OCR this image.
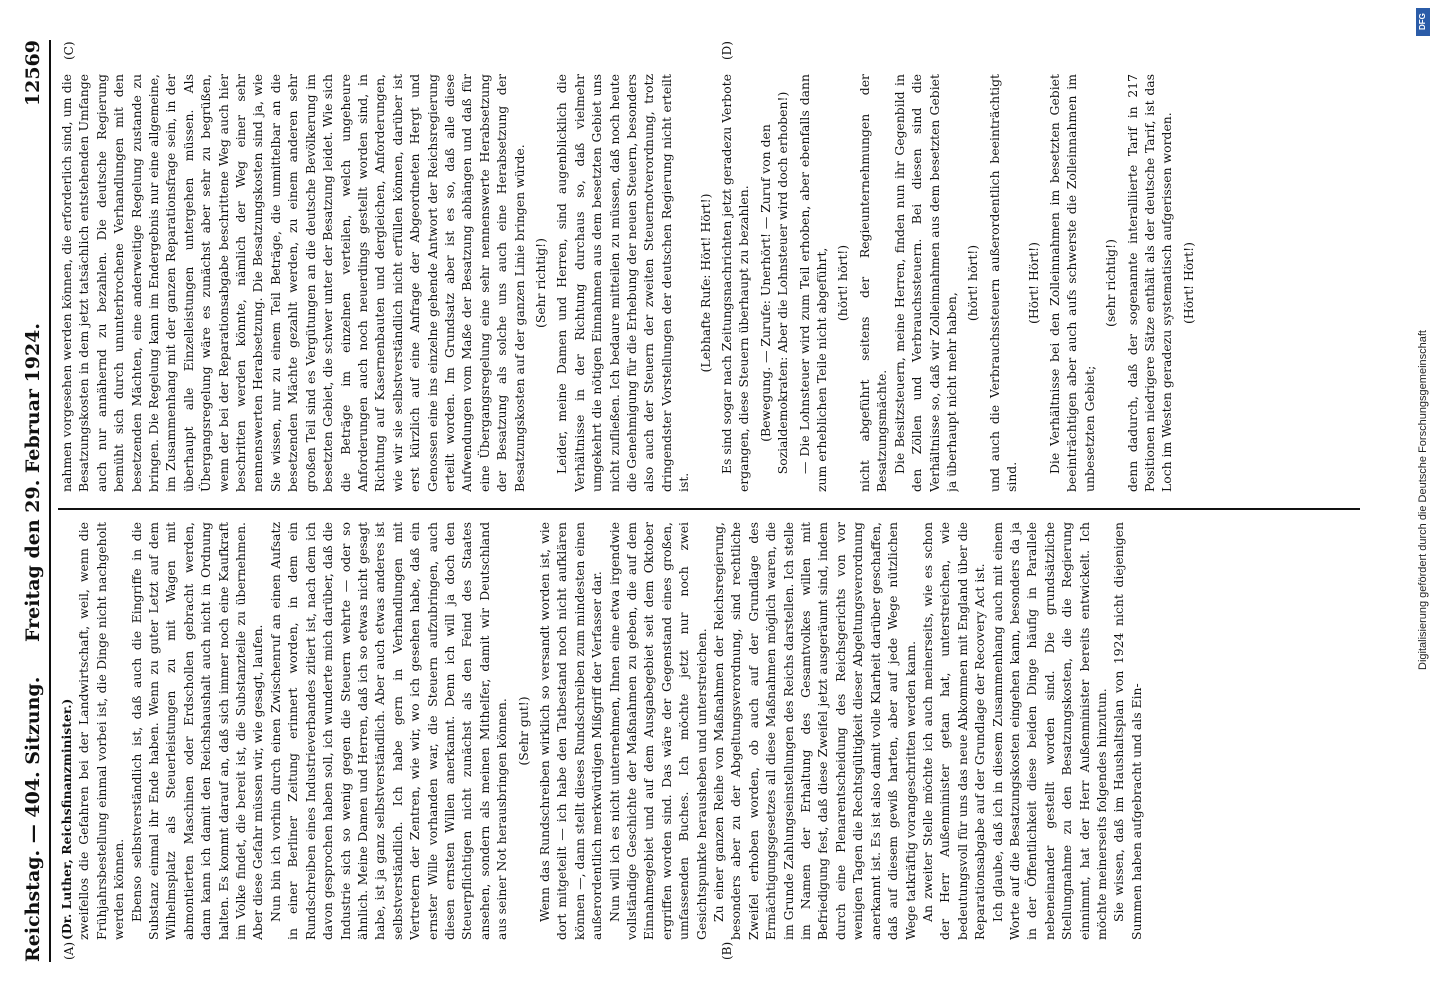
Digitalisierung gefördert durch die Deutsche Forschungsgemeinschaft
DFG
Reichstag. — 404. Sitzung.
Freitag den 29. Februar 1924.
12569
(A)	(B)
(C)	(D)

(Dr. Luther, Reichsfinanzminister.) zweifellos die Gefahren bei der Landwirtschaft, weil, wenn die Frühjahrsbestellung einmal vorbei ist, die Dinge nicht nachgeholt werden können. Ebenso selbstverständlich ist, daß auch die Eingriffe in die Substanz einmal ihr Ende haben. Wenn zu guter Letzt auf dem Wilhelmsplatz als Steuerleistungen zu mit Wagen mit abmontierten Maschinen oder Erdschollen gebracht werden, dann kann ich damit den Reichshaushalt auch nicht in Ordnung halten. Es kommt darauf an, daß sich immer noch eine Kaufkraft im Volke findet, die bereit ist, die Substanzteile zu übernehmen. Aber diese Gefahr müssen wir, wie gesagt, laufen. Nun bin ich vorhin durch einen Zwischenruf an einen Aufsatz in einer Berliner Zeitung erinnert worden, in dem ein Rundschreiben eines Industrieverbandes zitiert ist, nach dem ich davon gesprochen haben soll, ich wunderte mich darüber, daß die Industrie sich so wenig gegen die Steuern wehrte — oder so ähnlich. Meine Damen und Herren, daß ich so etwas nicht gesagt habe, ist ja ganz selbstverständlich. Aber auch etwas anderes ist selbstverständlich. Ich habe gern in Verhandlungen mit Vertretern der Zentren, wie wir, wo ich gesehen habe, daß ein ernster Wille vorhanden war, die Steuern aufzubringen, auch diesen ernsten Willen anerkannt. Denn ich will ja doch den Steuerpflichtigen nicht zunächst als den Feind des Staates ansehen, sondern als meinen Mithelfer, damit wir Deutschland aus seiner Not herausbringen können. (Sehr gut!) Wenn das Rundschreiben wirklich so versandt worden ist, wie dort mitgeteilt — ich habe den Tatbestand noch nicht aufklären können —, dann stellt dieses Rundschreiben zum mindesten einen außerordentlich merkwürdigen Mißgriff der Verfasser dar. Nun will ich es nicht unternehmen, Ihnen eine etwa irgendwie vollständige Geschichte der Maßnahmen zu geben, die auf dem Einnahmegebiet und auf dem Ausgabegebiet seit dem Oktober ergriffen worden sind. Das wäre der Gegenstand eines großen, umfassenden Buches. Ich möchte jetzt nur noch zwei Gesichtspunkte herausheben und unterstreichen. Zu einer ganzen Reihe von Maßnahmen der Reichsregierung, besonders aber zu der Abgeltungsverordnung, sind rechtliche Zweifel erhoben worden, ob auch auf der Grundlage des Ermächtigungsgesetzes all diese Maßnahmen möglich waren, die im Grunde Zahlungseinstellungen des Reichs darstellen. Ich stelle im Namen der Erhaltung des Gesamtvolkes willen mit Befriedigung fest, daß diese Zweifel jetzt ausgeräumt sind, indem durch eine Plenarentscheidung des Reichsgerichts von vor wenigen Tagen die Rechtsgültigkeit dieser Abgeltungsverordnung anerkannt ist. Es ist also damit volle Klarheit darüber geschaffen, daß auf diesem gewiß harten, aber auf jede Wege nützlichen Wege tatkräftig vorangeschritten werden kann. An zweiter Stelle möchte ich auch meinerseits, wie es schon der Herr Außenminister getan hat, unterstreichen, wie bedeutungsvoll für uns das neue Abkommen mit England über die Reparationsabgabe auf der Grundlage der Recovery Act ist. Ich glaube, daß ich in diesem Zusammenhang auch mit einem Worte auf die Besatzungskosten eingehen kann, besonders da ja in der Öffentlichkeit diese beiden Dinge häufig in Parallele nebeneinander gestellt worden sind. Die grundsätzliche Stellungnahme zu den Besatzungskosten, die die Regierung einnimmt, hat der Herr Außenminister bereits entwickelt. Ich möchte meinerseits folgendes hinzutun. Sie wissen, daß im Haushaltsplan von 1924 nicht diejenigen Summen haben aufgebracht und als Ein-

nahmen vorgesehen werden können, die erforderlich sind, um die Besatzungskosten in dem jetzt tatsächlich entstehenden Umfange auch nur annähernd zu bezahlen. Die deutsche Regierung bemüht sich durch ununterbrochene Verhandlungen mit den besetzenden Mächten, eine anderweitige Regelung zustande zu bringen. Die Regelung kann im Endergebnis nur eine allgemeine, im Zusammenhang mit der ganzen Reparationsfrage sein, in der überhaupt alle Einzelleistungen untergehen müssen. Als Übergangsregelung wäre es zunächst aber sehr zu begrüßen, wenn der bei der Reparationsabgabe beschrittene Weg auch hier beschritten werden könnte, nämlich der Weg einer sehr nennenswerten Herabsetzung. Die Besatzungskosten sind ja, wie Sie wissen, nur zu einem Teil Beträge, die unmittelbar an die besetzenden Mächte gezahlt werden, zu einem anderen sehr großen Teil sind es Vergütungen an die deutsche Bevölkerung im besetzten Gebiet, die schwer unter der Besatzung leidet. Wie sich die Beträge im einzelnen verteilen, welch ungeheure Anforderungen auch noch neuerdings gestellt worden sind, in Richtung auf Kasernenbauten und dergleichen, Anforderungen, wie wir sie selbstverständlich nicht erfüllen können, darüber ist erst kürzlich auf eine Anfrage der Abgeordneten Hergt und Genossen eine ins einzelne gehende Antwort der Reichsregierung erteilt worden. Im Grundsatz aber ist es so, daß alle diese Aufwendungen vom Maße der Besatzung abhängen und daß für eine Übergangsregelung eine sehr nennenswerte Herabsetzung der Besatzung als solche uns auch eine Herabsetzung der Besatzungskosten auf der ganzen Linie bringen würde. (Sehr richtig!) Leider, meine Damen und Herren, sind augenblicklich die Verhältnisse in der Richtung durchaus so, daß vielmehr umgekehrt die nötigen Einnahmen aus dem besetzten Gebiet uns nicht zufließen. Ich bedaure mitteilen zu müssen, daß noch heute die Genehmigung für die Erhebung der neuen Steuern, besonders also auch der Steuern der zweiten Steuernotverordnung, trotz dringendster Vorstellungen der deutschen Regierung nicht erteilt ist.

(Lebhafte Rufe: Hört! Hört!) Es sind sogar nach Zeitungsnachrichten jetzt geradezu Verbote ergangen, diese Steuern überhaupt zu bezahlen. (Bewegung. — Zurufe: Unerhört! — Zuruf von den Sozialdemokraten: Aber die Lohnsteuer wird doch erhoben!) — Die Lohnsteuer wird zum Teil erhoben, aber ebenfalls dann zum erheblichen Teile nicht abgeführt, (hört! hört!) nicht abgeführt seitens der Regieunternehmungen der Besatzungsmächte. Die Besitzsteuern, meine Herren, finden nun ihr Gegenbild in den Zöllen und Verbrauchssteuern. Bei diesen sind die Verhältnisse so, daß wir Zolleinnahmen aus dem besetzten Gebiet ja überhaupt nicht mehr haben,

(hört! hört!) und auch die Verbrauchssteuern außerordentlich beeinträchtigt sind.

(Hört! Hört!) Die Verhältnisse bei den Zolleinnahmen im besetzten Gebiet beeinträchtigen aber auch aufs schwerste die Zolleinnahmen im unbesetzten Gebiet;

(sehr richtig!) denn dadurch, daß der sogenannte interalliierte Tarif in 217 Positionen niedrigere Sätze enthält als der deutsche Tarif, ist das Loch im Westen geradezu systematisch aufgerissen worden. (Hört! Hört!)
